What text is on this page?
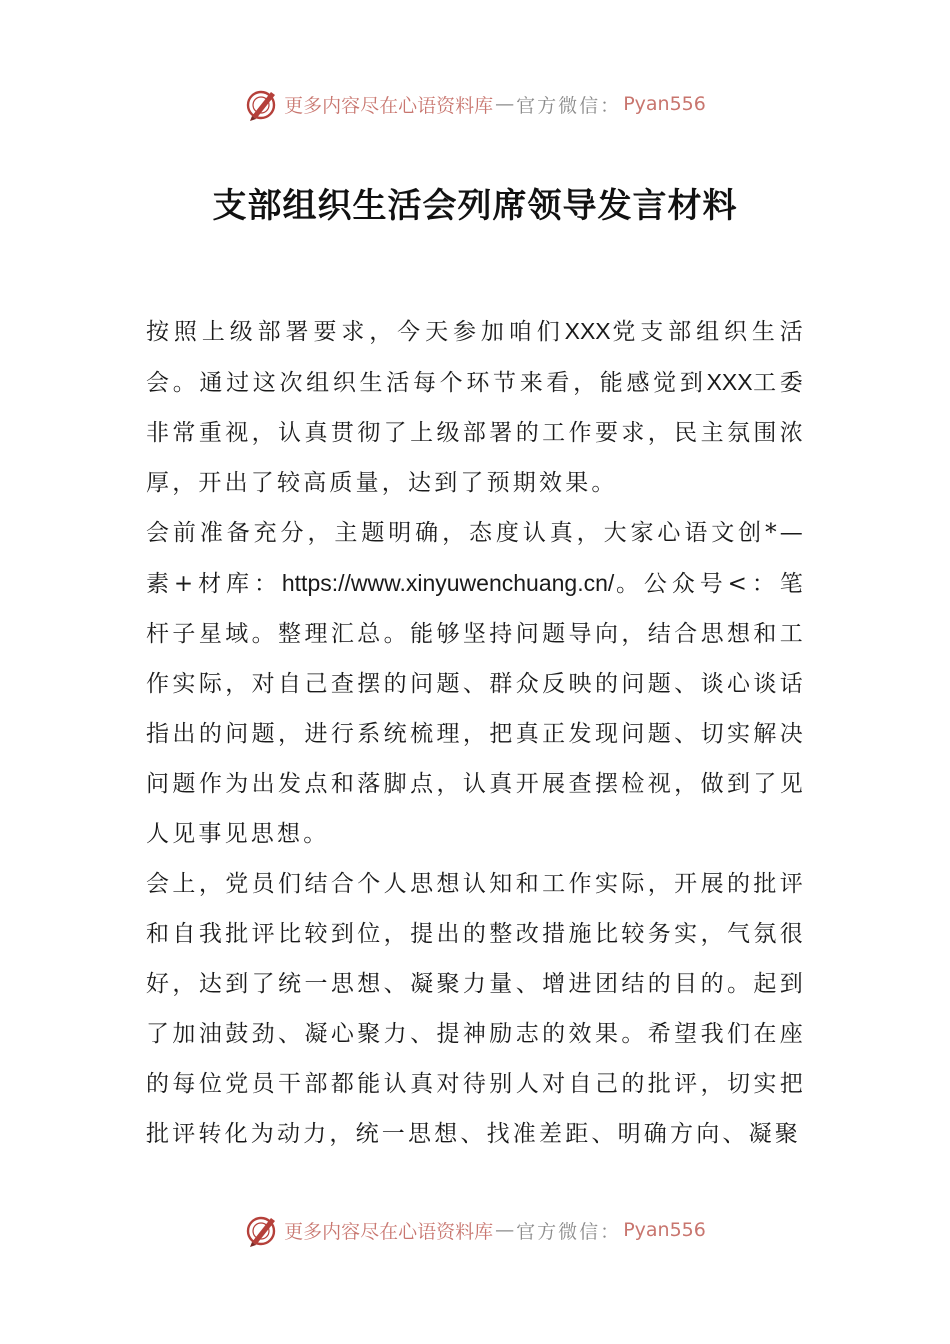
更多内容尽在心语资料库 — 官方微信： Pyan556
支部组织生活会列席领导发言材料

按照上级部署要求，今天参加咱们XXX党支部组织生活会。通过这次组织生活每个环节来看，能感觉到XXX工委非常重视，认真贯彻了上级部署的工作要求，民主氛围浓厚，开出了较高质量，达到了预期效果。

会前准备充分，主题明确，态度认真，大家心语文创*—素+材库：https://www.xinyuwenchuang.cn/。公众号<：笔杆子星域。整理汇总。能够坚持问题导向，结合思想和工作实际，对自己查摆的问题、群众反映的问题、谈心谈话指出的问题，进行系统梳理，把真正发现问题、切实解决问题作为出发点和落脚点，认真开展查摆检视，做到了见人见事见思想。

会上，党员们结合个人思想认知和工作实际，开展的批评和自我批评比较到位，提出的整改措施比较务实，气氛很好，达到了统一思想、凝聚力量、增进团结的目的。起到了加油鼓劲、凝心聚力、提神励志的效果。希望我们在座的每位党员干部都能认真对待别人对自己的批评，切实把批评转化为动力，统一思想、找准差距、明确方向、凝聚

更多内容尽在心语资料库 — 官方微信： Pyan556
